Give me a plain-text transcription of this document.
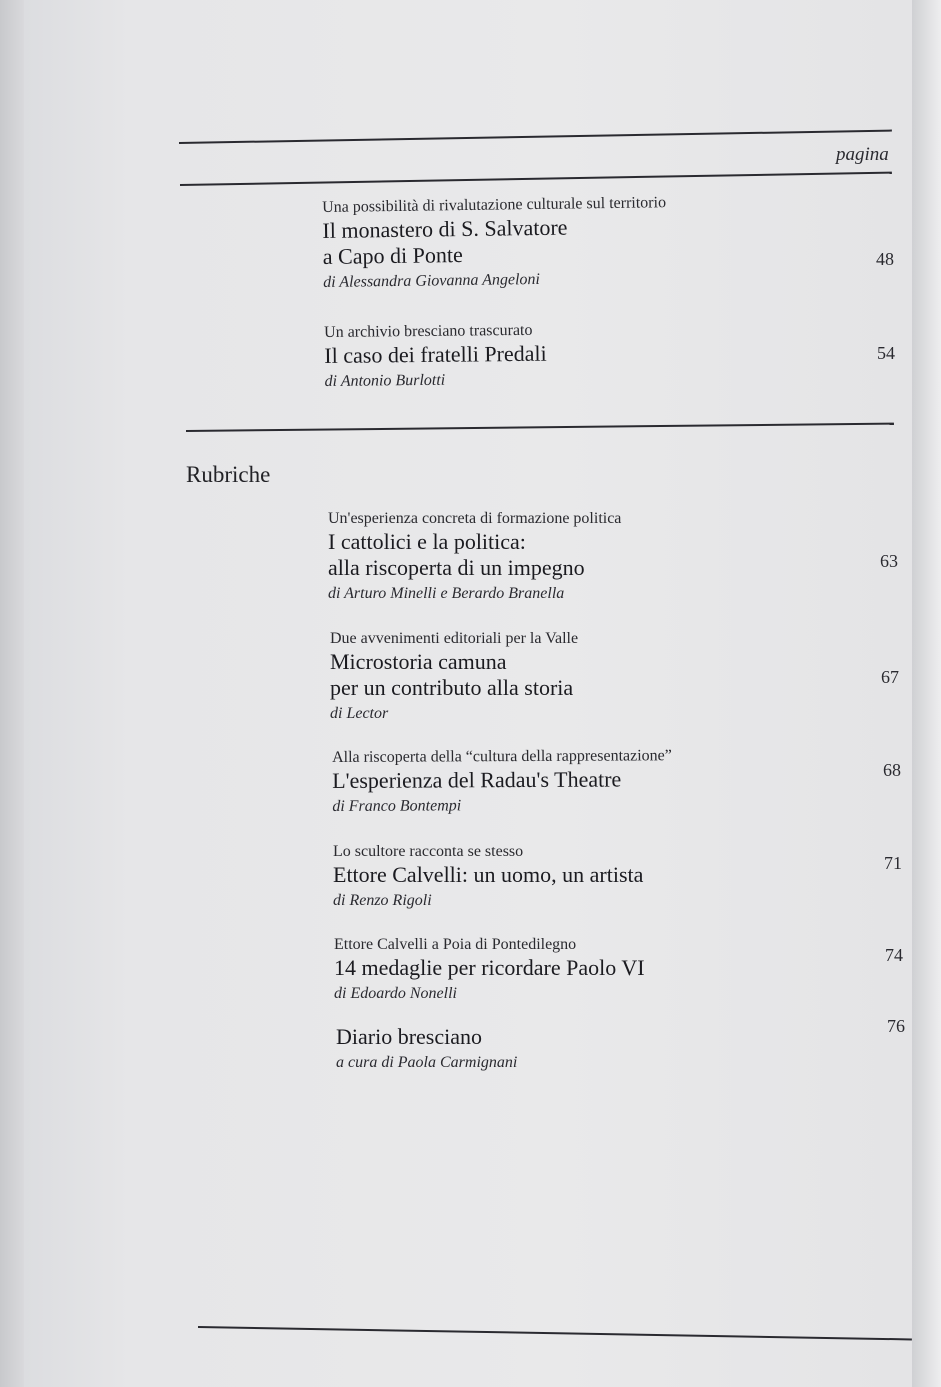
pagina
Una possibilità di rivalutazione culturale sul territorio
Il monastero di S. Salvatore
a Capo di Ponte
di Alessandra Giovanna Angeloni
48
Un archivio bresciano trascurato
Il caso dei fratelli Predali
di Antonio Burlotti
54
Rubriche
Un'esperienza concreta di formazione politica
I cattolici e la politica:
alla riscoperta di un impegno
di Arturo Minelli e Berardo Branella
63
Due avvenimenti editoriali per la Valle
Microstoria camuna
per un contributo alla storia
di Lector
67
Alla riscoperta della “cultura della rappresentazione”
L'esperienza del Radau's Theatre
di Franco Bontempi
68
Lo scultore racconta se stesso
Ettore Calvelli: un uomo, un artista
di Renzo Rigoli
71
Ettore Calvelli a Poia di Pontedilegno
14 medaglie per ricordare Paolo VI
di Edoardo Nonelli
74
Diario bresciano
a cura di Paola Carmignani
76
